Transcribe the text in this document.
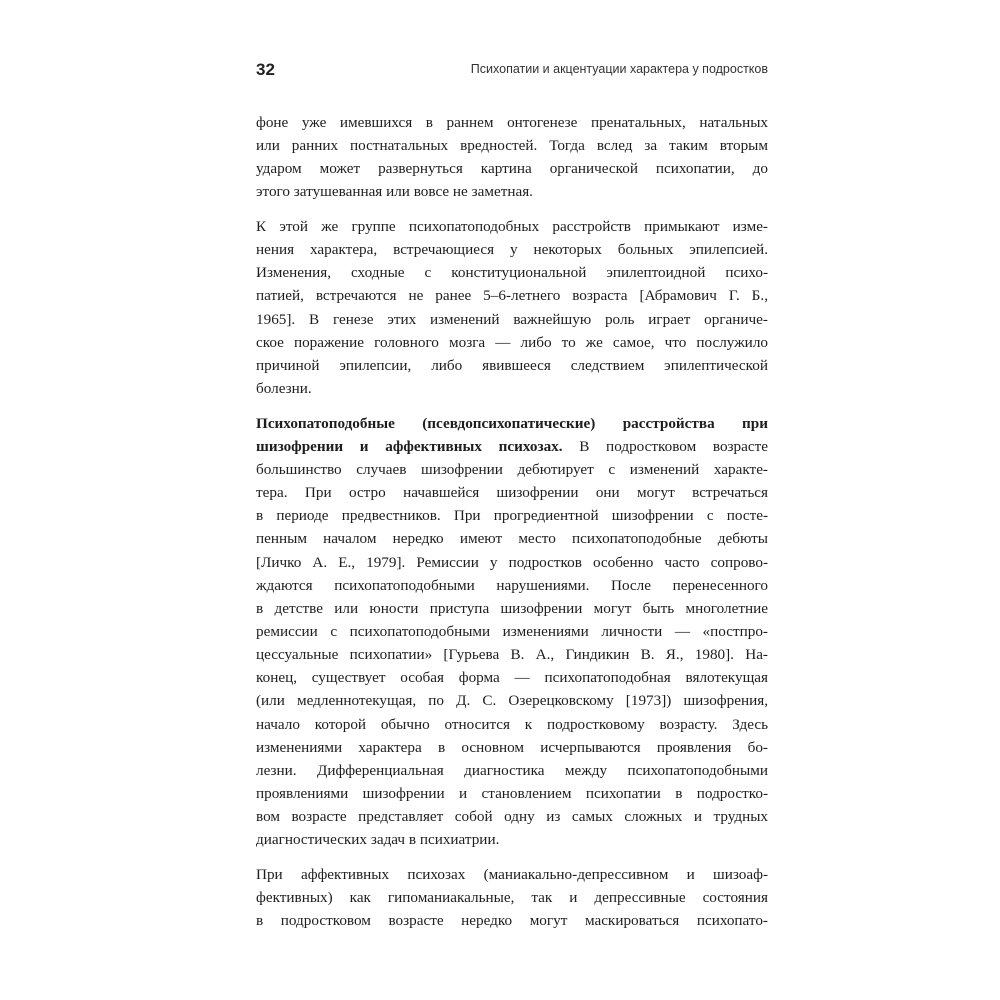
32	Психопатии и акцентуации характера у подростков
фоне уже имевшихся в раннем онтогенезе пренатальных, натальных
или ранних постнатальных вредностей. Тогда вслед за таким вторым
ударом может развернуться картина органической психопатии, до
этого затушеванная или вовсе не заметная.
К этой же группе психопатоподобных расстройств примыкают изме-
нения характера, встречающиеся у некоторых больных эпилепсией.
Изменения, сходные с конституциональной эпилептоидной психо-
патией, встречаются не ранее 5–6-летнего возраста [Абрамович Г. Б.,
1965]. В генезе этих изменений важнейшую роль играет органиче-
ское поражение головного мозга — либо то же самое, что послужило
причиной эпилепсии, либо явившееся следствием эпилептической
болезни.
Психопатоподобные (псевдопсихопатические) расстройства при
шизофрении и аффективных психозах. В подростковом возрасте
большинство случаев шизофрении дебютирует с изменений характе-
тера. При остро начавшейся шизофрении они могут встречаться
в периоде предвестников. При прогредиентной шизофрении с посте-
пенным началом нередко имеют место психопатоподобные дебюты
[Личко А. Е., 1979]. Ремиссии у подростков особенно часто сопрово-
ждаются психопатоподобными нарушениями. После перенесенного
в детстве или юности приступа шизофрении могут быть многолетние
ремиссии с психопатоподобными изменениями личности — «постпро-
цессуальные психопатии» [Гурьева В. А., Гиндикин В. Я., 1980]. На-
конец, существует особая форма — психопатоподобная вялотекущая
(или медленнотекущая, по Д. С. Озерецковскому [1973]) шизофрения,
начало которой обычно относится к подростковому возрасту. Здесь
изменениями характера в основном исчерпываются проявления бо-
лезни. Дифференциальная диагностика между психопатоподобными
проявлениями шизофрении и становлением психопатии в подростко-
вом возрасте представляет собой одну из самых сложных и трудных
диагностических задач в психиатрии.
При аффективных психозах (маниакально-депрессивном и шизоаф-
фективных) как гипоманиакальные, так и депрессивные состояния
в подростковом возрасте нередко могут маскироваться психопато-
